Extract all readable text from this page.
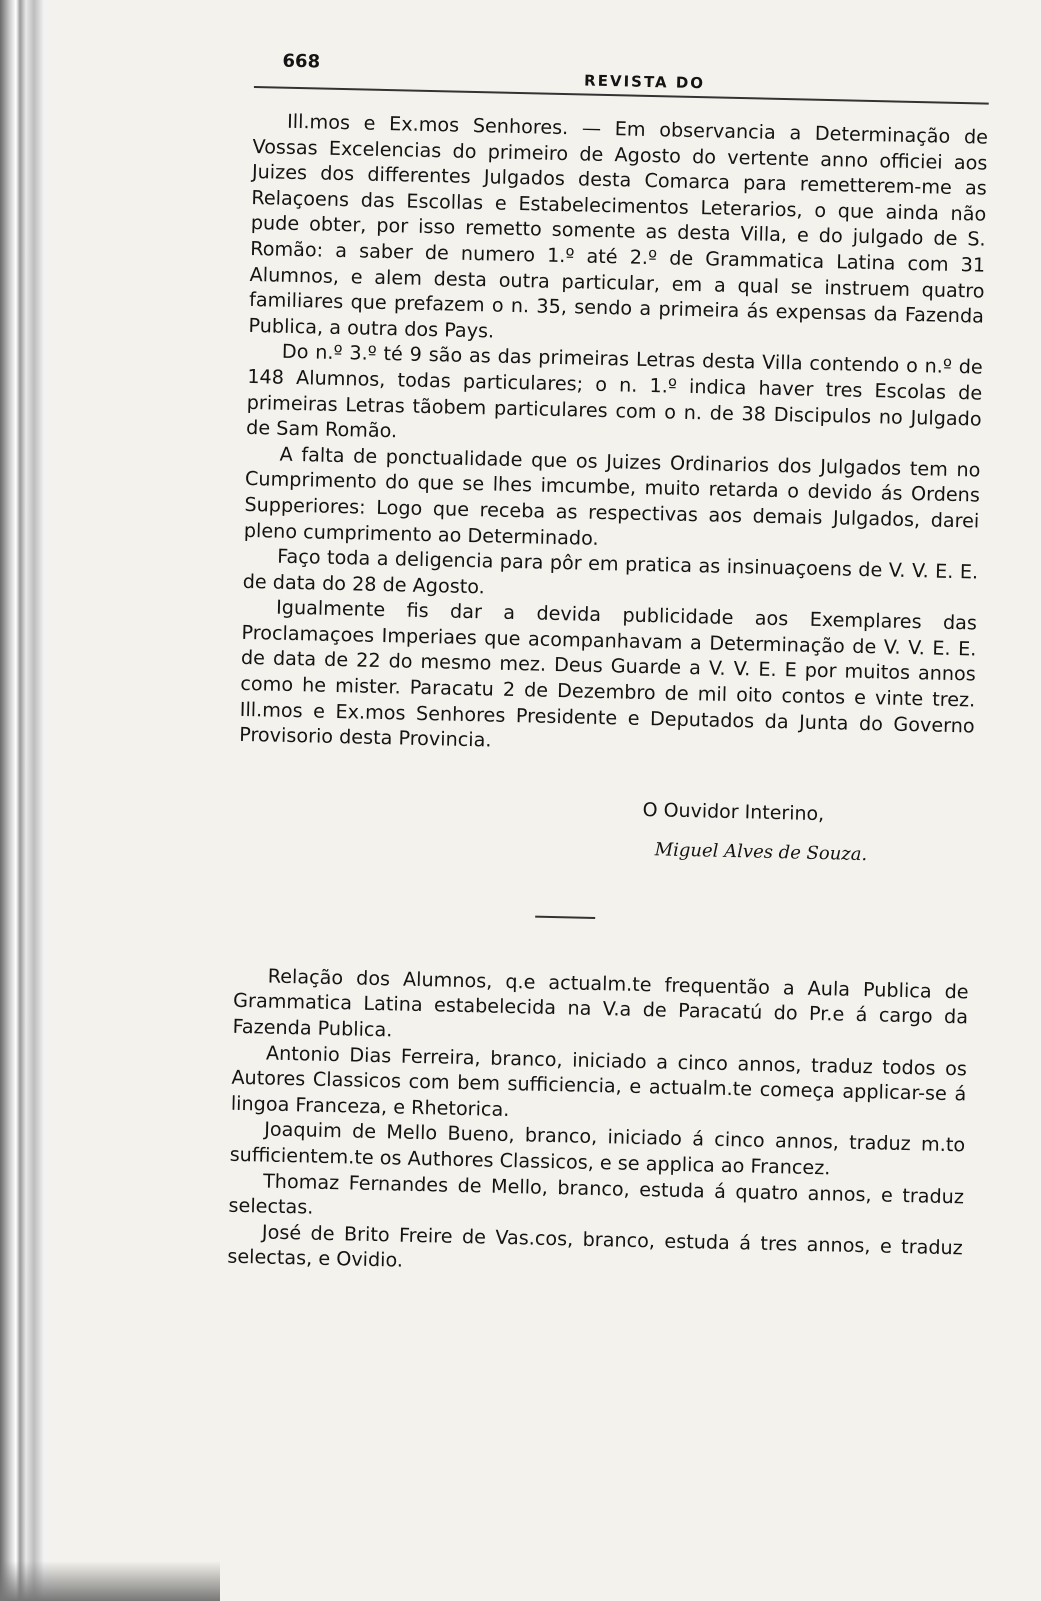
668
REVISTA DO

Ill.mos e Ex.mos Senhores. — Em observancia a Determinação de Vossas Excelencias do primeiro de Agosto do vertente anno officiei aos Juizes dos differentes Julgados desta Comarca para remetterem-me as Relaçoens das Escollas e Estabelecimentos Leterarios, o que ainda não pude obter, por isso remetto somente as desta Villa, e do julgado de S. Romão: a saber de numero 1.º até 2.º de Grammatica Latina com 31 Alumnos, e alem desta outra particular, em a qual se instruem quatro familiares que prefazem o n. 35, sendo a primeira ás expensas da Fazenda Publica, a outra dos Pays.

Do n.º 3.º té 9 são as das primeiras Letras desta Villa contendo o n.º de 148 Alumnos, todas particulares; o n. 1.º indica haver tres Escolas de primeiras Letras tãobem particulares com o n. de 38 Discipulos no Julgado de Sam Romão.

A falta de ponctualidade que os Juizes Ordinarios dos Julgados tem no Cumprimento do que se lhes imcumbe, muito retarda o devido ás Ordens Supperiores: Logo que receba as respectivas aos demais Julgados, darei pleno cumprimento ao Determinado.

Faço toda a deligencia para pôr em pratica as insinuaçoens de V. V. E. E. de data do 28 de Agosto.

Igualmente fis dar a devida publicidade aos Exemplares das Proclamaçoes Imperiaes que acompanhavam a Determinação de V. V. E. E. de data de 22 do mesmo mez. Deus Guarde a V. V. E. E por muitos annos como he mister. Paracatu 2 de Dezembro de mil oito contos e vinte trez. Ill.mos e Ex.mos Senhores Presidente e Deputados da Junta do Governo Provisorio desta Provincia.

O Ouvidor Interino,
Miguel Alves de Souza.

Relação dos Alumnos, q.e actualm.te frequentão a Aula Publica de Grammatica Latina estabelecida na V.a de Paracatú do Pr.e á cargo da Fazenda Publica.

Antonio Dias Ferreira, branco, iniciado a cinco annos, traduz todos os Autores Classicos com bem sufficiencia, e actualm.te começa applicar-se á lingoa Franceza, e Rhetorica.

Joaquim de Mello Bueno, branco, iniciado á cinco annos, traduz m.to sufficientem.te os Authores Classicos, e se applica ao Francez.

Thomaz Fernandes de Mello, branco, estuda á quatro annos, e traduz selectas.

José de Brito Freire de Vas.cos, branco, estuda á tres annos, e traduz selectas, e Ovidio.
